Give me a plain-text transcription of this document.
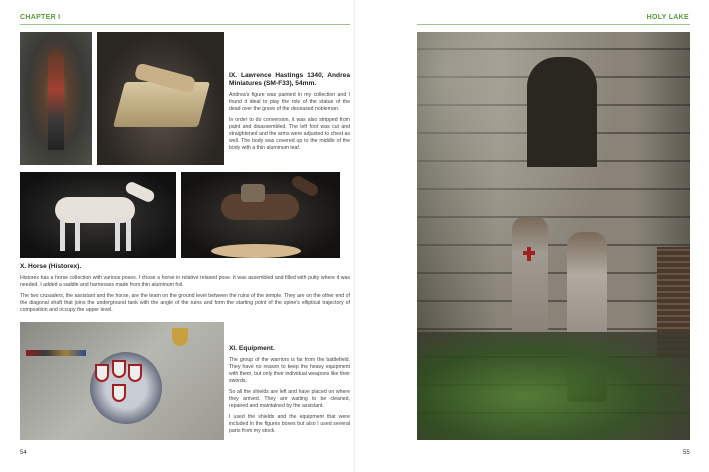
CHAPTER I	HOLY LAKE
IX. Lawrence Hastings 1340, Andrea Miniatures (SM-F33), 54mm.

Andrea's figure was painted in my collection and I found it ideal to play the role of the statue of the dead over the grave of the deceased nobleman.

In order to do conversion, it was also stripped from paint and disassembled. The left foot was cut and straightened and the arms were adjusted to chest as well. The body was covered up to the middle of the body with a thin aluminum leaf.

X. Horse (Historex).

Historex has a horse collection with various poses. I chose a horse in relative relaxed pose. It was assembled and filled with putty where it was needed. I added a saddle and harnesses made from thin aluminum foil.

The two crusaders, the assistant and the horse, are the team on the ground level between the ruins of the temple. They are on the other end of the diagonal shaft that joins the underground tank with the angle of the ruins and form the starting point of the spine's elliptical trajectory of composition and occupy the upper level.

XI. Equipment.

The group of the warriors is far from the battlefield. They have no reason to keep the heavy equipment with them, but only their individual weapons like their swords.

So all the shields are left and have placed on where they arrived. They are waiting to be cleaned, repaired and maintained by the assistant.

I used the shields and the equipment that were included in the figures boxes but also I used several parts from my stock.

54	55
